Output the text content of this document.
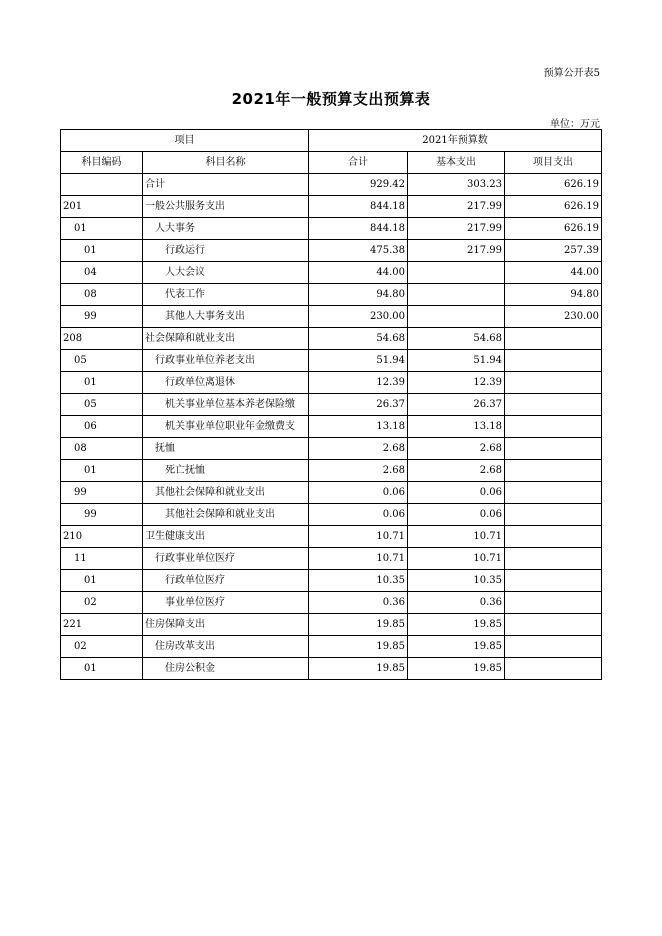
预算公开表5
2021年一般预算支出预算表
单位：万元
项目		2021年预算数		
科目编码	科目名称	合计	基本支出	项目支出
	合计	929.42	303.23	626.19
201	一般公共服务支出	844.18	217.99	626.19
01	人大事务	844.18	217.99	626.19
01	行政运行	475.38	217.99	257.39
04	人大会议	44.00		44.00
08	代表工作	94.80		94.80
99	其他人大事务支出	230.00		230.00
208	社会保障和就业支出	54.68	54.68	
05	行政事业单位养老支出	51.94	51.94	
01	行政单位离退休	12.39	12.39	
05	机关事业单位基本养老保险缴	26.37	26.37	
06	机关事业单位职业年金缴费支	13.18	13.18	
08	抚恤	2.68	2.68	
01	死亡抚恤	2.68	2.68	
99	其他社会保障和就业支出	0.06	0.06	
99	其他社会保障和就业支出	0.06	0.06	
210	卫生健康支出	10.71	10.71	
11	行政事业单位医疗	10.71	10.71	
01	行政单位医疗	10.35	10.35	
02	事业单位医疗	0.36	0.36	
221	住房保障支出	19.85	19.85	
02	住房改革支出	19.85	19.85	
01	住房公积金	19.85	19.85	
